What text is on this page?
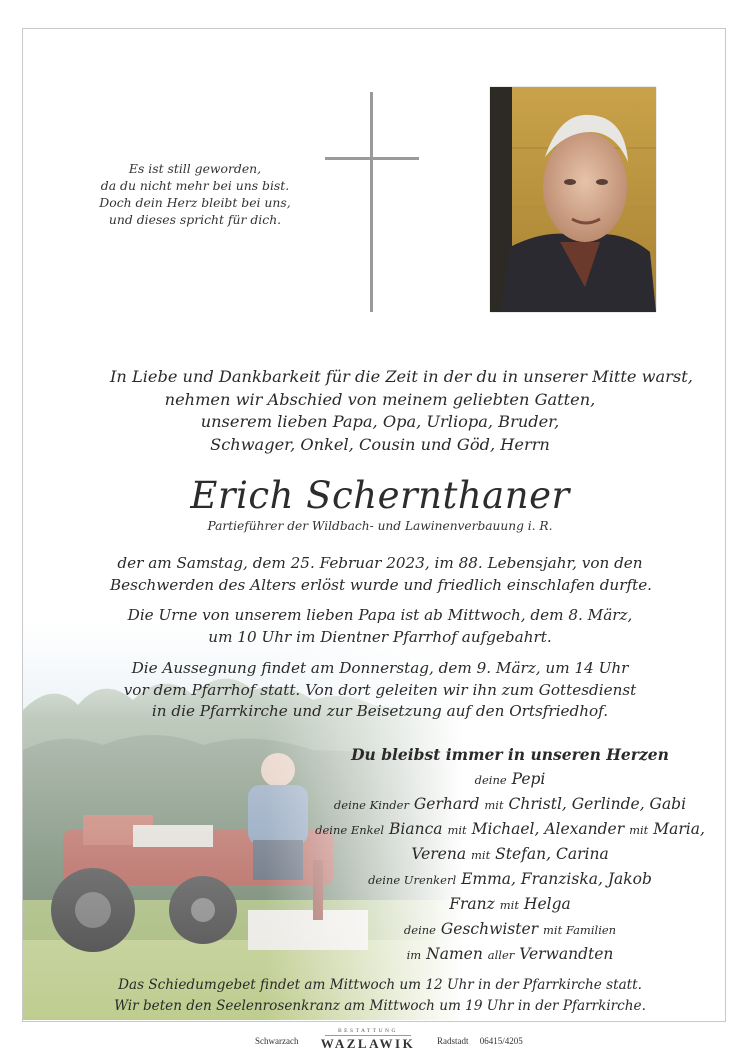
Es ist still geworden,
da du nicht mehr bei uns bist.
Doch dein Herz bleibt bei uns,
und dieses spricht für dich.
In Liebe und Dankbarkeit für die Zeit in der du in unserer Mitte warst,
nehmen wir Abschied von meinem geliebten Gatten,
unserem lieben Papa, Opa, Urliopa, Bruder,
Schwager, Onkel, Cousin und Göd, Herrn
Erich Schernthaner
Partieführer der Wildbach- und Lawinenverbauung i. R.
der am Samstag, dem 25. Februar 2023, im 88. Lebensjahr, von den
Beschwerden des Alters erlöst wurde und friedlich einschlafen durfte.
Die Urne von unserem lieben Papa ist ab Mittwoch, dem 8. März,
um 10 Uhr im Dientner Pfarrhof aufgebahrt.
Die Aussegnung findet am Donnerstag, dem 9. März, um 14 Uhr
vor dem Pfarrhof statt. Von dort geleiten wir ihn zum Gottesdienst
in die Pfarrkirche und zur Beisetzung auf den Ortsfriedhof.
Du bleibst immer in unseren Herzen
deine Pepi
deine Kinder Gerhard mit Christl, Gerlinde, Gabi
deine Enkel Bianca mit Michael, Alexander mit Maria,
Verena mit Stefan, Carina
deine Urenkerl Emma, Franziska, Jakob
Franz mit Helga
deine Geschwister mit Familien
im Namen aller Verwandten
Das Schiedumgebet findet am Mittwoch um 12 Uhr in der Pfarrkirche statt.
Wir beten den Seelenrosenkranz am Mittwoch um 19 Uhr in der Pfarrkirche.
Schwarzach
BESTATTUNG
WAZLAWIK	Radstadt 06415/4205
